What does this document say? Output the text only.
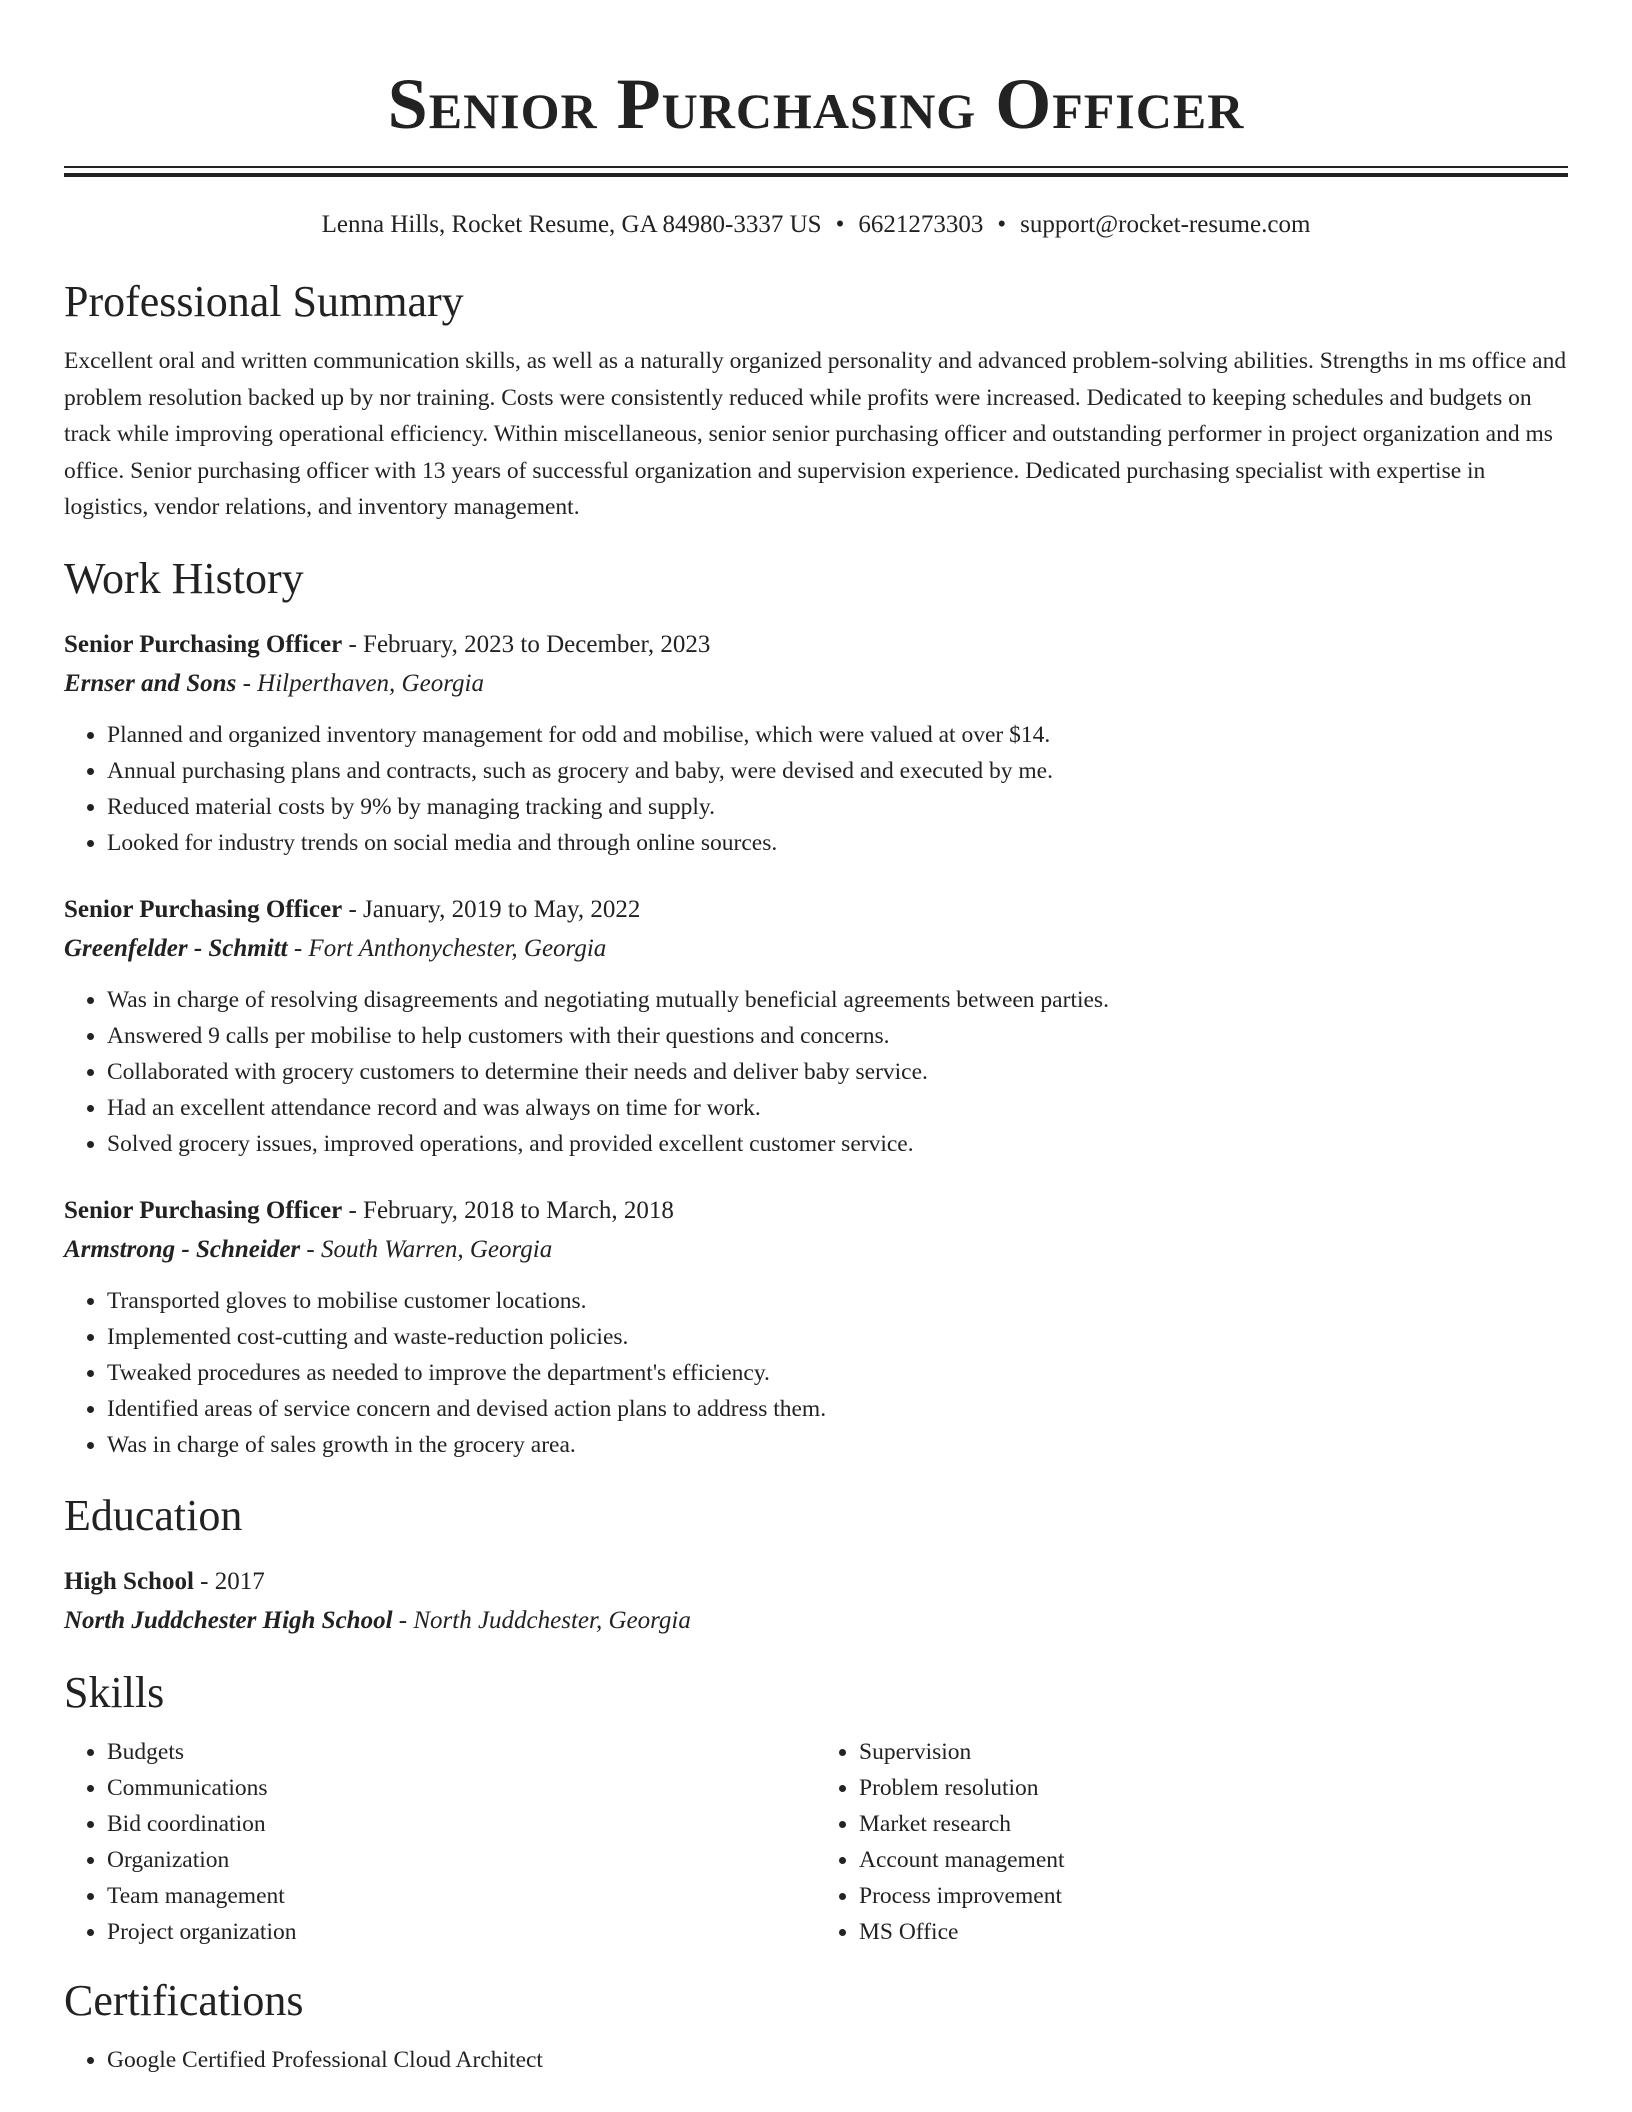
Senior Purchasing Officer
Lenna Hills, Rocket Resume, GA 84980-3337 US • 6621273303 • support@rocket-resume.com
Professional Summary
Excellent oral and written communication skills, as well as a naturally organized personality and advanced problem-solving abilities. Strengths in ms office and problem resolution backed up by nor training. Costs were consistently reduced while profits were increased. Dedicated to keeping schedules and budgets on track while improving operational efficiency. Within miscellaneous, senior senior purchasing officer and outstanding performer in project organization and ms office. Senior purchasing officer with 13 years of successful organization and supervision experience. Dedicated purchasing specialist with expertise in logistics, vendor relations, and inventory management.
Work History
Senior Purchasing Officer - February, 2023 to December, 2023
Ernser and Sons - Hilperthaven, Georgia
• Planned and organized inventory management for odd and mobilise, which were valued at over $14.
• Annual purchasing plans and contracts, such as grocery and baby, were devised and executed by me.
• Reduced material costs by 9% by managing tracking and supply.
• Looked for industry trends on social media and through online sources.
Senior Purchasing Officer - January, 2019 to May, 2022
Greenfelder - Schmitt - Fort Anthonychester, Georgia
• Was in charge of resolving disagreements and negotiating mutually beneficial agreements between parties.
• Answered 9 calls per mobilise to help customers with their questions and concerns.
• Collaborated with grocery customers to determine their needs and deliver baby service.
• Had an excellent attendance record and was always on time for work.
• Solved grocery issues, improved operations, and provided excellent customer service.
Senior Purchasing Officer - February, 2018 to March, 2018
Armstrong - Schneider - South Warren, Georgia
• Transported gloves to mobilise customer locations.
• Implemented cost-cutting and waste-reduction policies.
• Tweaked procedures as needed to improve the department's efficiency.
• Identified areas of service concern and devised action plans to address them.
• Was in charge of sales growth in the grocery area.
Education
High School - 2017
North Juddchester High School - North Juddchester, Georgia
Skills
• Budgets
• Communications
• Bid coordination
• Organization
• Team management
• Project organization
• Supervision
• Problem resolution
• Market research
• Account management
• Process improvement
• MS Office
Certifications
• Google Certified Professional Cloud Architect
